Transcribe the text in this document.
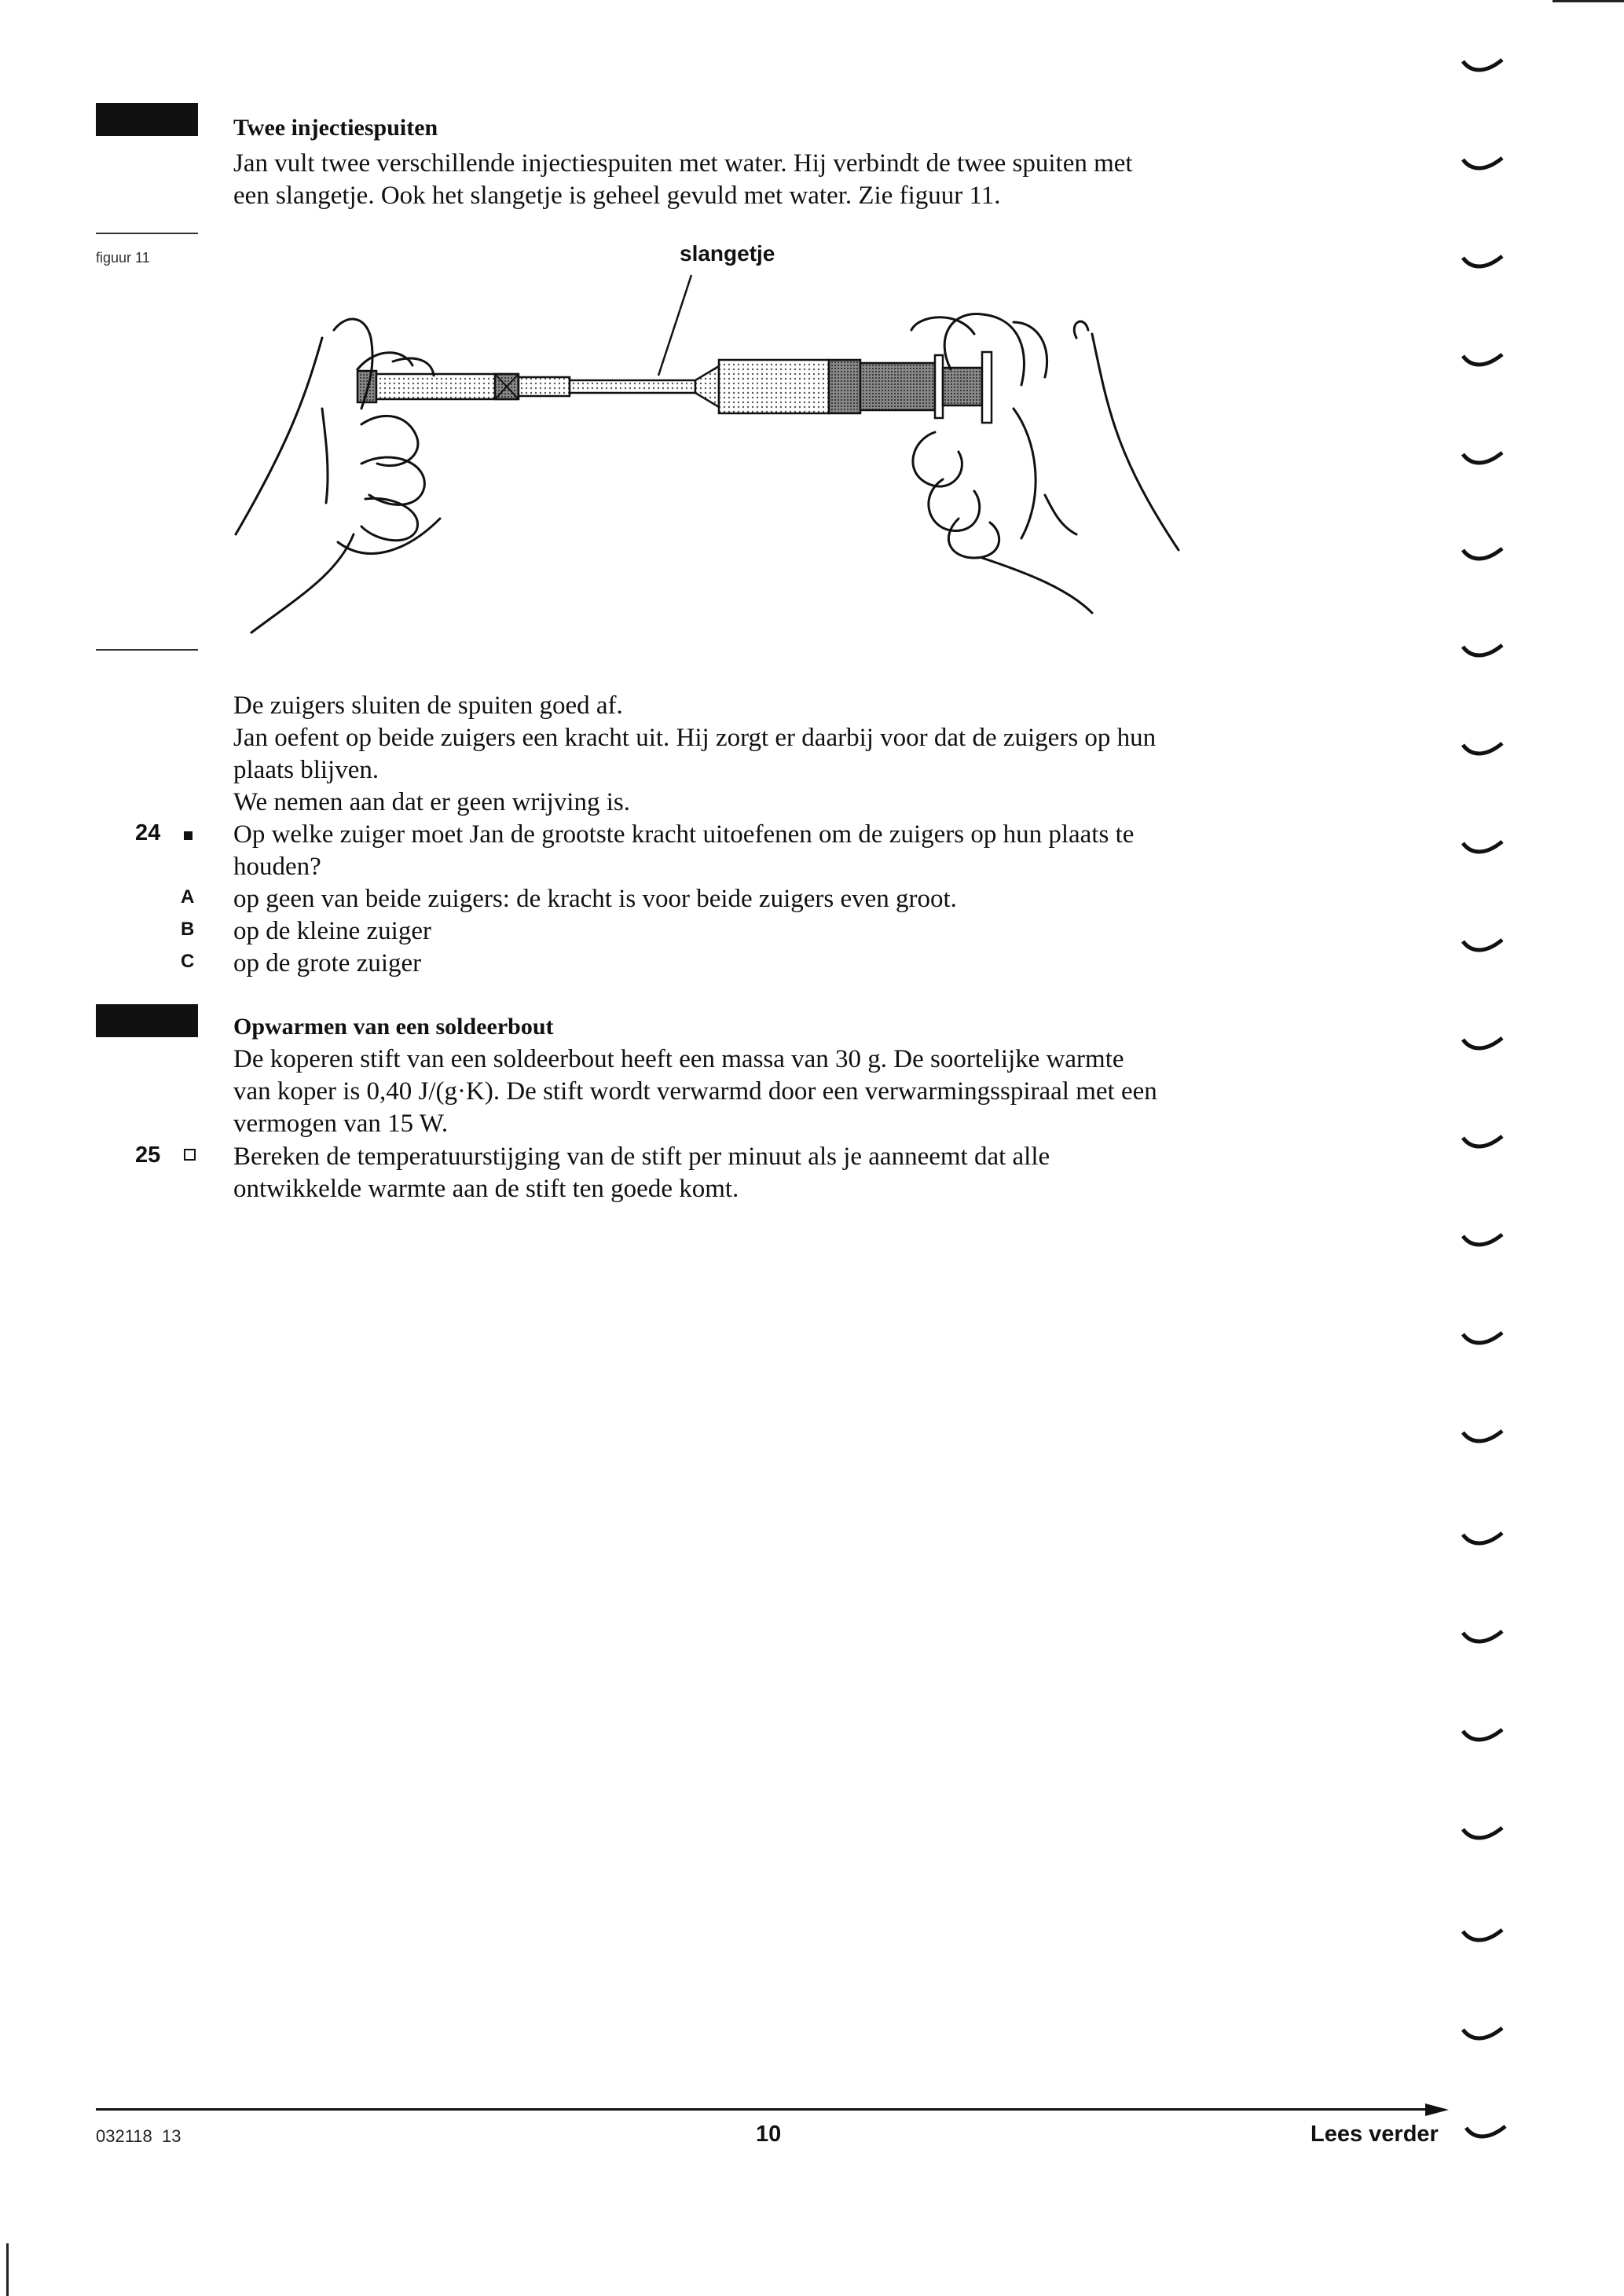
Twee injectiespuiten
Jan vult twee verschillende injectiespuiten met water. Hij verbindt de twee spuiten met
een slangetje. Ook het slangetje is geheel gevuld met water. Zie figuur 11.
figuur 11	slangetje
De zuigers sluiten de spuiten goed af.
Jan oefent op beide zuigers een kracht uit. Hij zorgt er daarbij voor dat de zuigers op hun
plaats blijven.
We nemen aan dat er geen wrijving is.
24	Op welke zuiger moet Jan de grootste kracht uitoefenen om de zuigers op hun plaats te
houden?
A op geen van beide zuigers: de kracht is voor beide zuigers even groot.
B op de kleine zuiger
C op de grote zuiger
Opwarmen van een soldeerbout
De koperen stift van een soldeerbout heeft een massa van 30 g. De soortelijke warmte
van koper is 0,40 J/(g·K). De stift wordt verwarmd door een verwarmingsspiraal met een
vermogen van 15 W.
25	Bereken de temperatuurstijging van de stift per minuut als je aanneemt dat alle
ontwikkelde warmte aan de stift ten goede komt.
032118  13	10	Lees verder
